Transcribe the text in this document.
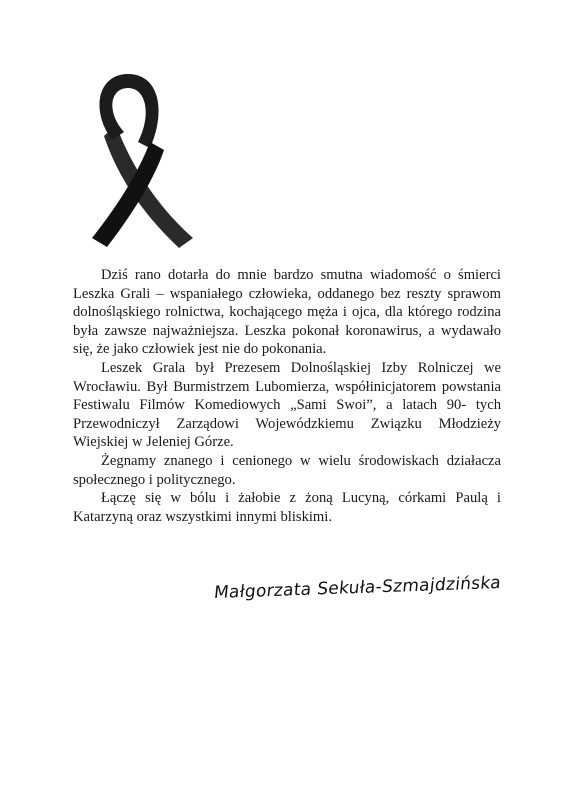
Dziś rano dotarła do mnie bardzo smutna wiadomość o śmierci Leszka Grali – wspaniałego człowieka, oddanego bez reszty sprawom dolnośląskiego rolnictwa, kochającego męża i ojca, dla którego rodzina była zawsze najważniejsza. Leszka pokonał koronawirus, a wydawało się, że jako człowiek jest nie do pokonania.

Leszek Grala był Prezesem Dolnośląskiej Izby Rolniczej we Wrocławiu. Był Burmistrzem Lubomierza, współinicjatorem powstania Festiwalu Filmów Komediowych „Sami Swoi”, a latach 90- tych Przewodniczył Zarządowi Wojewódzkiemu Związku Młodzieży Wiejskiej w Jeleniej Górze.

Żegnamy znanego i cenionego w wielu środowiskach działacza społecznego i politycznego.

Łączę się w bólu i żałobie z żoną Lucyną, córkami Paulą i Katarzyną oraz wszystkimi innymi bliskimi.

Małgorzata Sekuła-Szmajdzińska
